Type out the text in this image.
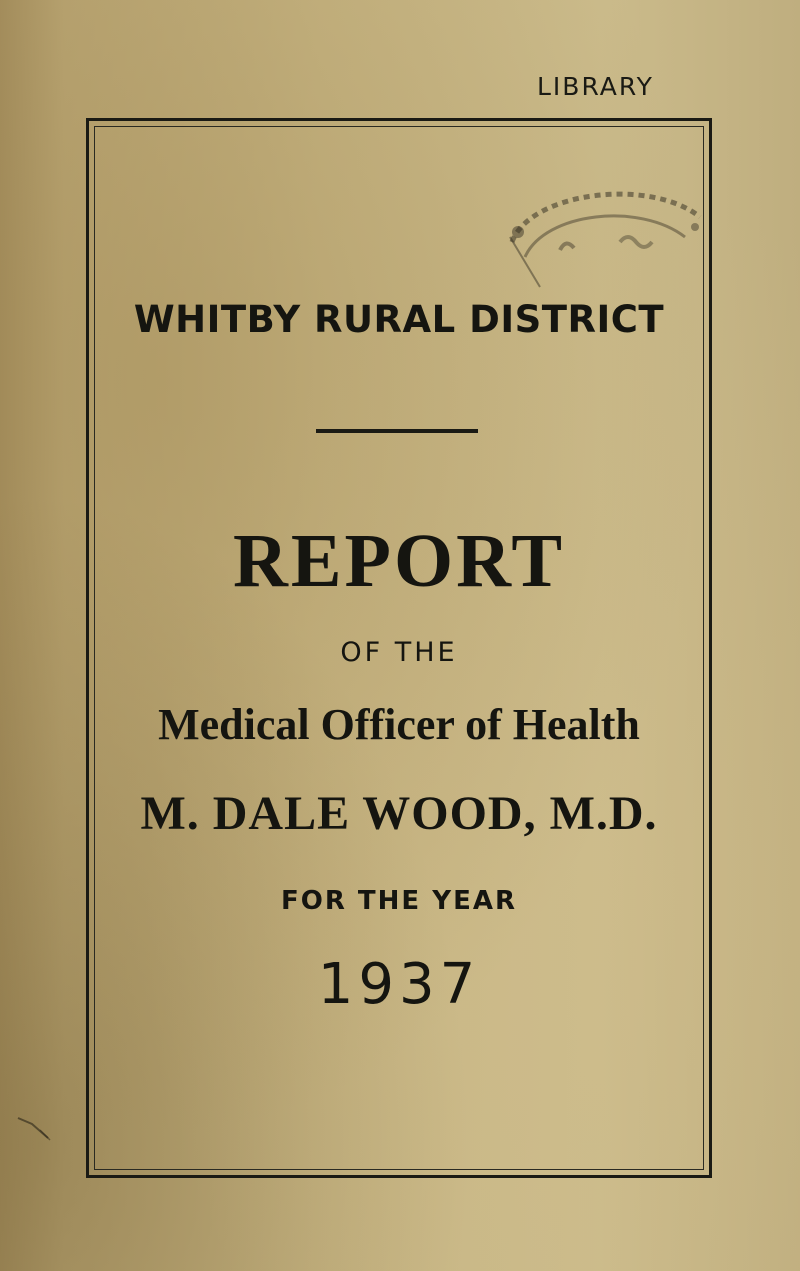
LIBRARY
WHITBY RURAL DISTRICT
REPORT
OF THE
Medical Officer of Health
M. DALE WOOD, M.D.
FOR THE YEAR
1937
